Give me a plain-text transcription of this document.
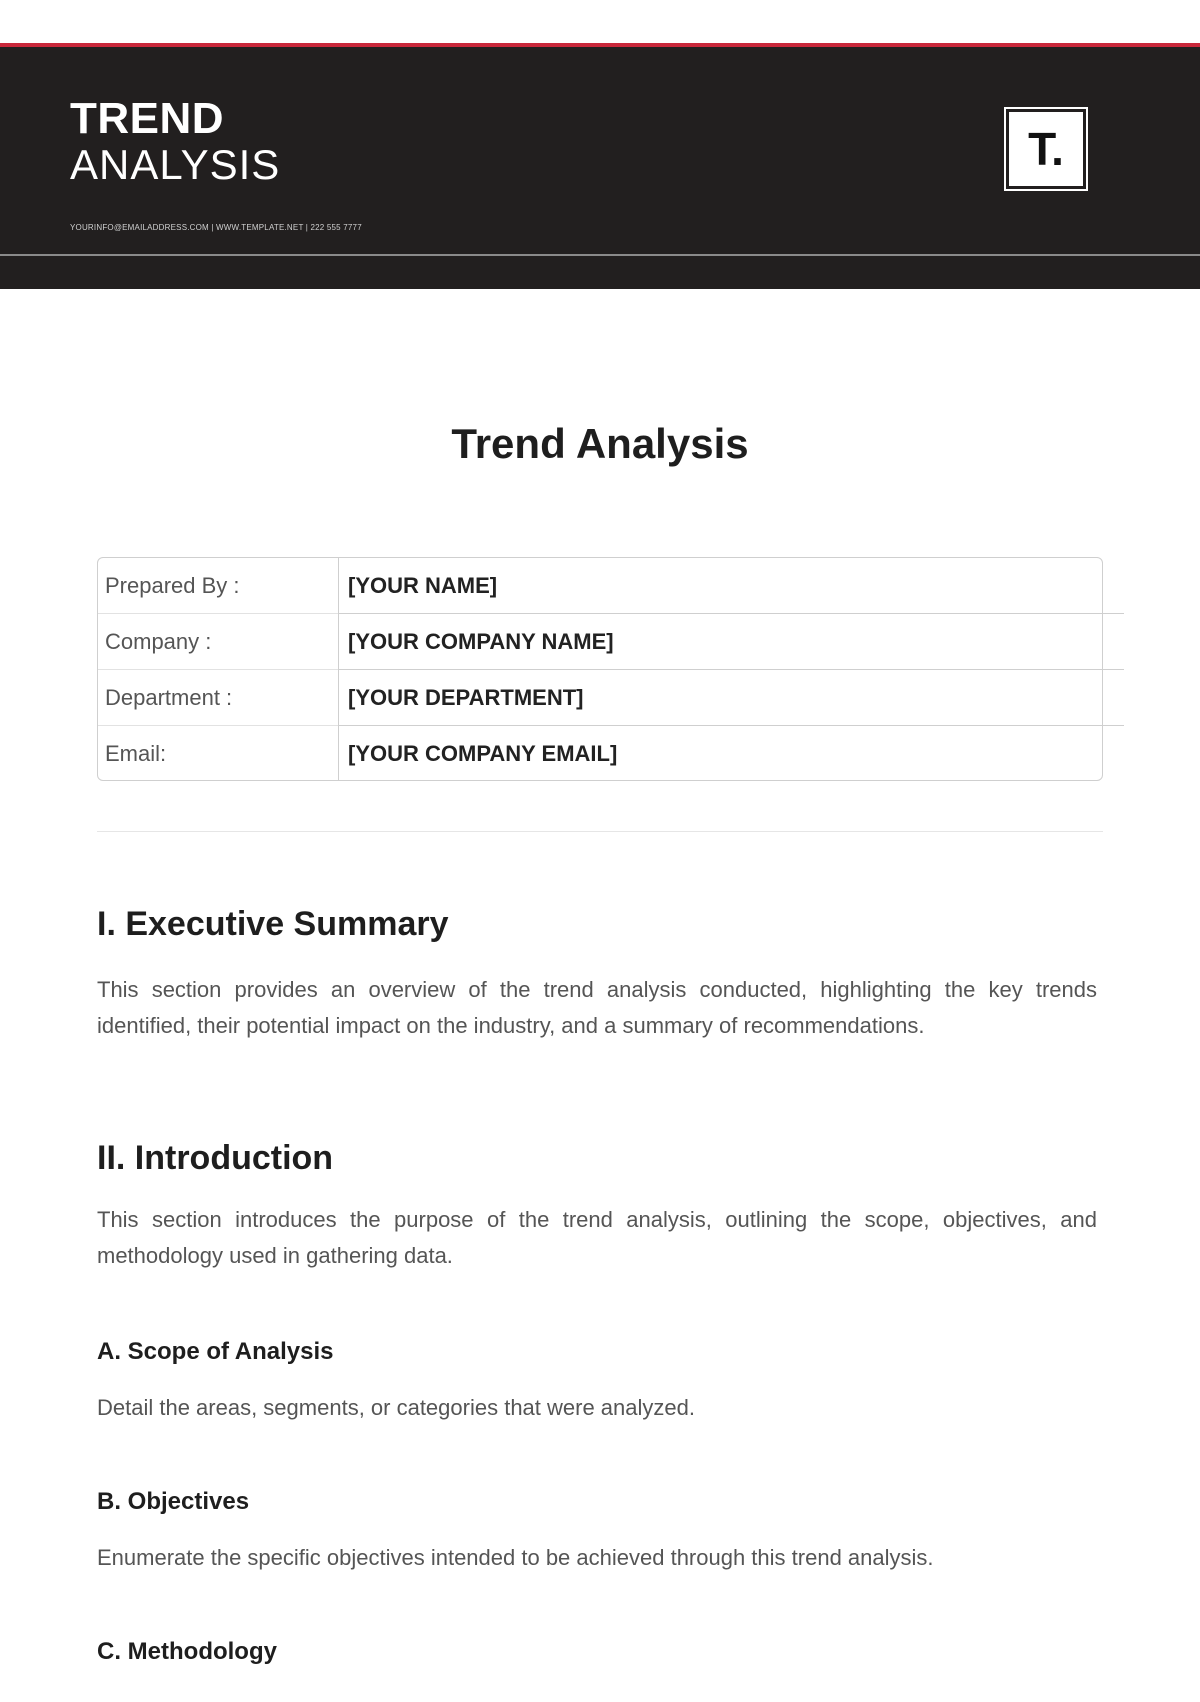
TREND
ANALYSIS
YOURINFO@EMAILADDRESS.COM | WWW.TEMPLATE.NET | 222 555 7777
T.
Trend Analysis
Prepared By :	[YOUR NAME]
Company :	[YOUR COMPANY NAME]
Department :	[YOUR DEPARTMENT]
Email:	[YOUR COMPANY EMAIL]
I. Executive Summary

This section provides an overview of the trend analysis conducted, highlighting the key trends identified, their potential impact on the industry, and a summary of recommendations.

II. Introduction

This section introduces the purpose of the trend analysis, outlining the scope, objectives, and methodology used in gathering data.

A. Scope of Analysis

Detail the areas, segments, or categories that were analyzed.

B. Objectives

Enumerate the specific objectives intended to be achieved through this trend analysis.

C. Methodology
